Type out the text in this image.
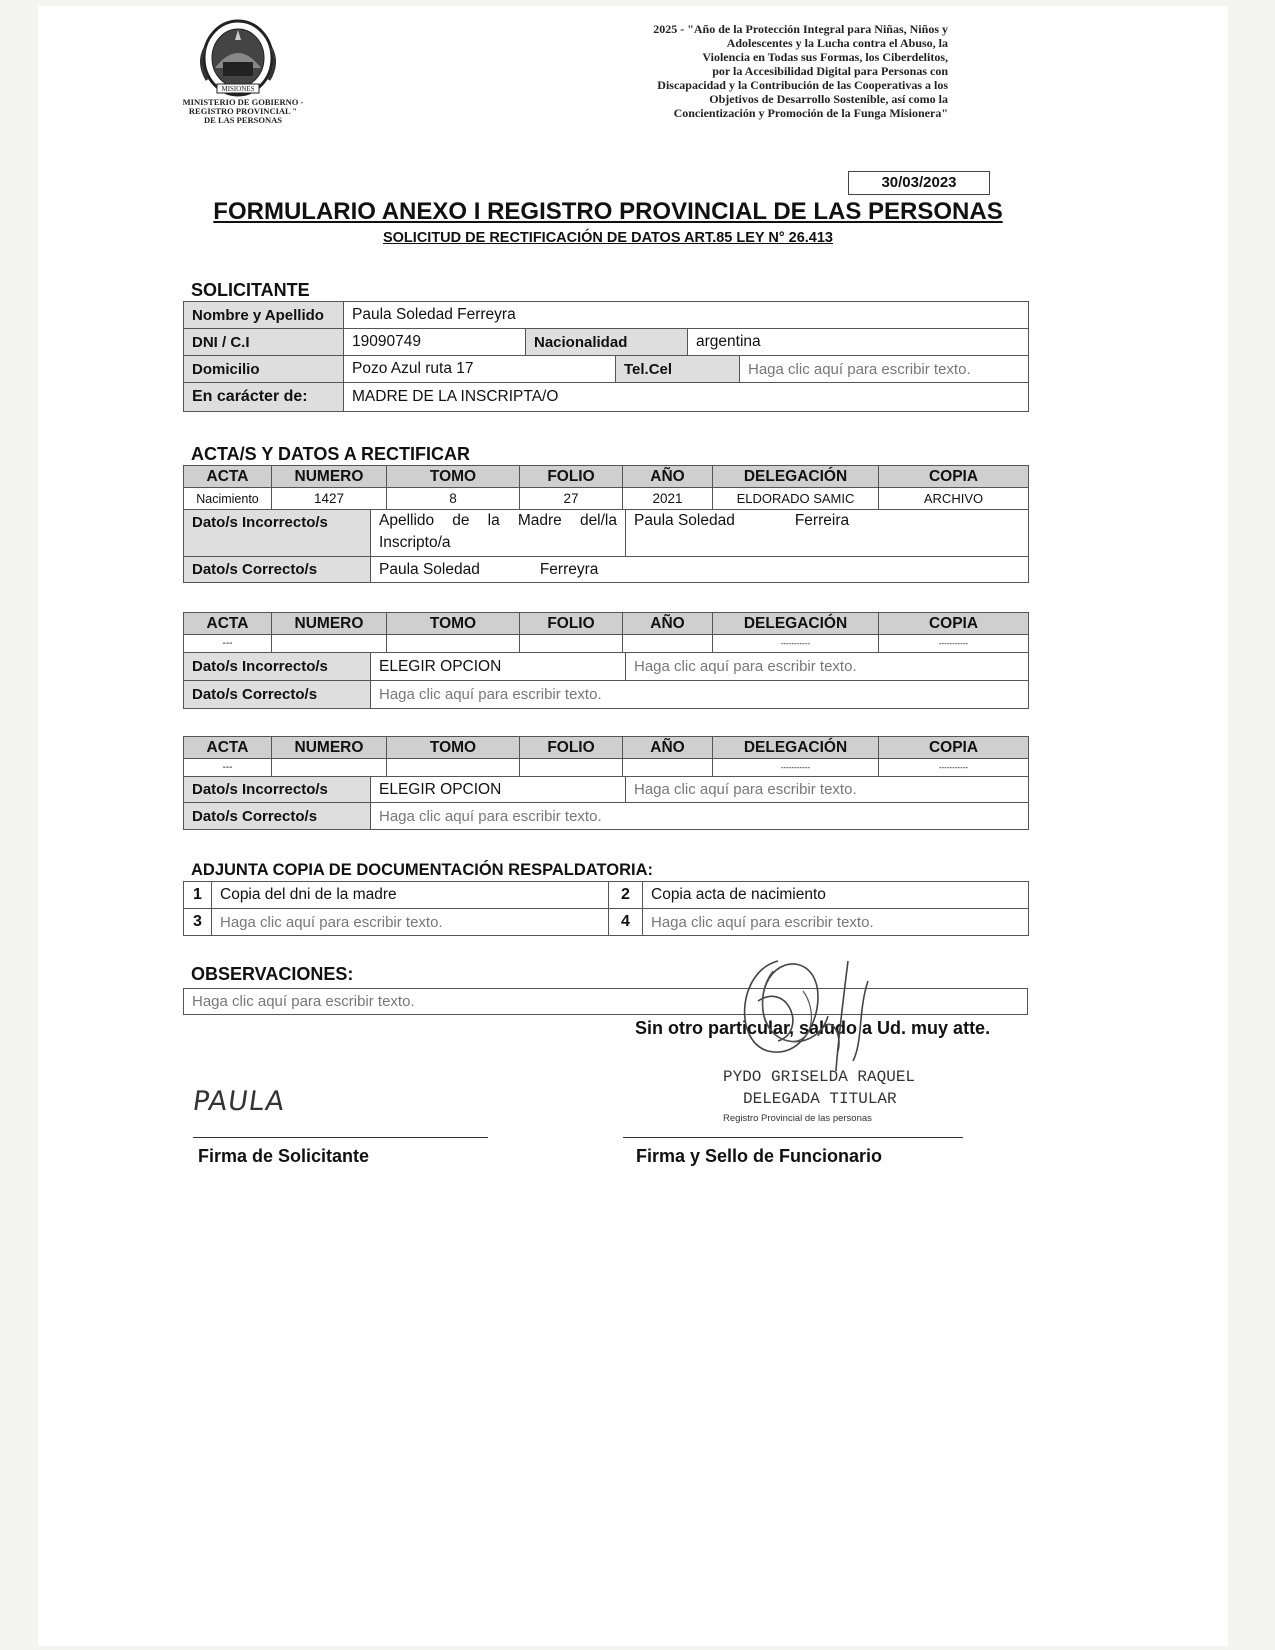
MISIONES
MINISTERIO DE GOBIERNO -
REGISTRO PROVINCIAL "
DE LAS PERSONAS
2025 - "Año de la Protección Integral para Niñas, Niños y
Adolescentes y la Lucha contra el Abuso, la
Violencia en Todas sus Formas, los Ciberdelitos,
por la Accesibilidad Digital para Personas con
Discapacidad y la Contribución de las Cooperativas a los
Objetivos de Desarrollo Sostenible, así como la
Concientización y Promoción de la Funga Misionera"
30/03/2023
FORMULARIO ANEXO I REGISTRO PROVINCIAL DE LAS PERSONAS
SOLICITUD DE RECTIFICACIÓN DE DATOS ART.85 LEY N° 26.413
SOLICITANTE
Nombre y Apellido	Paula Soledad Ferreyra				
DNI / C.I	19090749	Nacionalidad		argentina	
Domicilio	Pozo Azul ruta 17		Tel.Cel		Haga clic aquí para escribir texto.
En carácter de:	MADRE DE LA INSCRIPTA/O				
ACTA/S Y DATOS A RECTIFICAR
ACTA	NUMERO	TOMO	FOLIO	AÑO	DELEGACIÓN	COPIA
Nacimiento	1427	8	27	2021	ELDORADO SAMIC	ARCHIVO
Dato/s Incorrecto/s	Apellido de la Madre del/la Inscripto/a	Paula Soledad Ferreira
Dato/s Correcto/s	Paula Soledad Ferreyra	
ACTA	NUMERO	TOMO	FOLIO	AÑO	DELEGACIÓN	COPIA
---					-----------	-----------
Dato/s Incorrecto/s	ELEGIR OPCION	Haga clic aquí para escribir texto.
Dato/s Correcto/s	Haga clic aquí para escribir texto.	
ACTA	NUMERO	TOMO	FOLIO	AÑO	DELEGACIÓN	COPIA
---					-----------	-----------
Dato/s Incorrecto/s	ELEGIR OPCION	Haga clic aquí para escribir texto.
Dato/s Correcto/s	Haga clic aquí para escribir texto.	
ADJUNTA COPIA DE DOCUMENTACIÓN RESPALDATORIA:
1	Copia del dni de la madre	2	Copia acta de nacimiento
3	Haga clic aquí para escribir texto.	4	Haga clic aquí para escribir texto.
OBSERVACIONES:
Haga clic aquí para escribir texto.
Sin otro particular, saludo a Ud. muy atte.
PYDO GRISELDA RAQUEL
DELEGADA TITULAR
Registro Provincial de las personas
PAULA
Firma de Solicitante	Firma y Sello de Funcionario
